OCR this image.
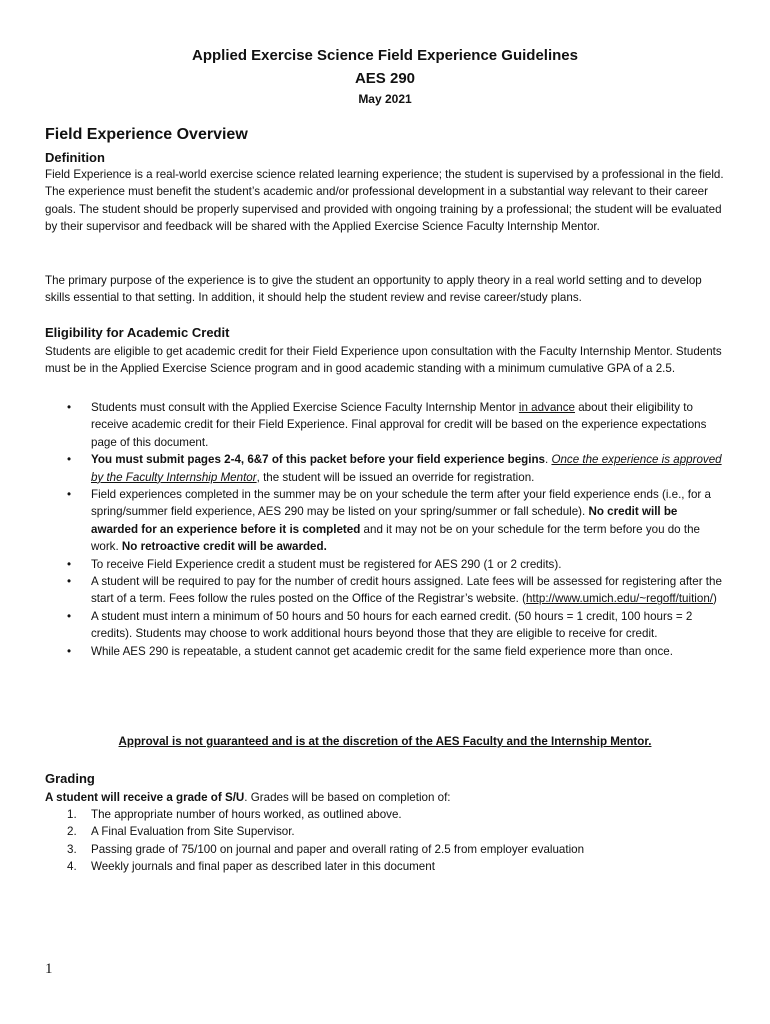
Applied Exercise Science Field Experience Guidelines
AES 290
May 2021
Field Experience Overview
Definition
Field Experience is a real-world exercise science related learning experience; the student is supervised by a professional in the field. The experience must benefit the student’s academic and/or professional development in a substantial way relevant to their career goals. The student should be properly supervised and provided with ongoing training by a professional; the student will be evaluated by their supervisor and feedback will be shared with the Applied Exercise Science Faculty Internship Mentor.
The primary purpose of the experience is to give the student an opportunity to apply theory in a real world setting and to develop skills essential to that setting. In addition, it should help the student review and revise career/study plans.
Eligibility for Academic Credit
Students are eligible to get academic credit for their Field Experience upon consultation with the Faculty Internship Mentor. Students must be in the Applied Exercise Science program and in good academic standing with a minimum cumulative GPA of a 2.5.
• Students must consult with the Applied Exercise Science Faculty Internship Mentor in advance about their eligibility to receive academic credit for their Field Experience. Final approval for credit will be based on the experience expectations page of this document.
• You must submit pages 2-4, 6&7 of this packet before your field experience begins. Once the experience is approved by the Faculty Internship Mentor, the student will be issued an override for registration.
• Field experiences completed in the summer may be on your schedule the term after your field experience ends (i.e., for a spring/summer field experience, AES 290 may be listed on your spring/summer or fall schedule). No credit will be awarded for an experience before it is completed and it may not be on your schedule for the term before you do the work. No retroactive credit will be awarded.
• To receive Field Experience credit a student must be registered for AES 290 (1 or 2 credits).
• A student will be required to pay for the number of credit hours assigned. Late fees will be assessed for registering after the start of a term. Fees follow the rules posted on the Office of the Registrar’s website. (http://www.umich.edu/~regoff/tuition/)
• A student must intern a minimum of 50 hours and 50 hours for each earned credit. (50 hours = 1 credit, 100 hours = 2 credits). Students may choose to work additional hours beyond those that they are eligible to receive for credit.
• While AES 290 is repeatable, a student cannot get academic credit for the same field experience more than once.
Approval is not guaranteed and is at the discretion of the AES Faculty and the Internship Mentor.
Grading
A student will receive a grade of S/U. Grades will be based on completion of:
1. The appropriate number of hours worked, as outlined above.
2. A Final Evaluation from Site Supervisor.
3. Passing grade of 75/100 on journal and paper and overall rating of 2.5 from employer evaluation
4. Weekly journals and final paper as described later in this document
1
